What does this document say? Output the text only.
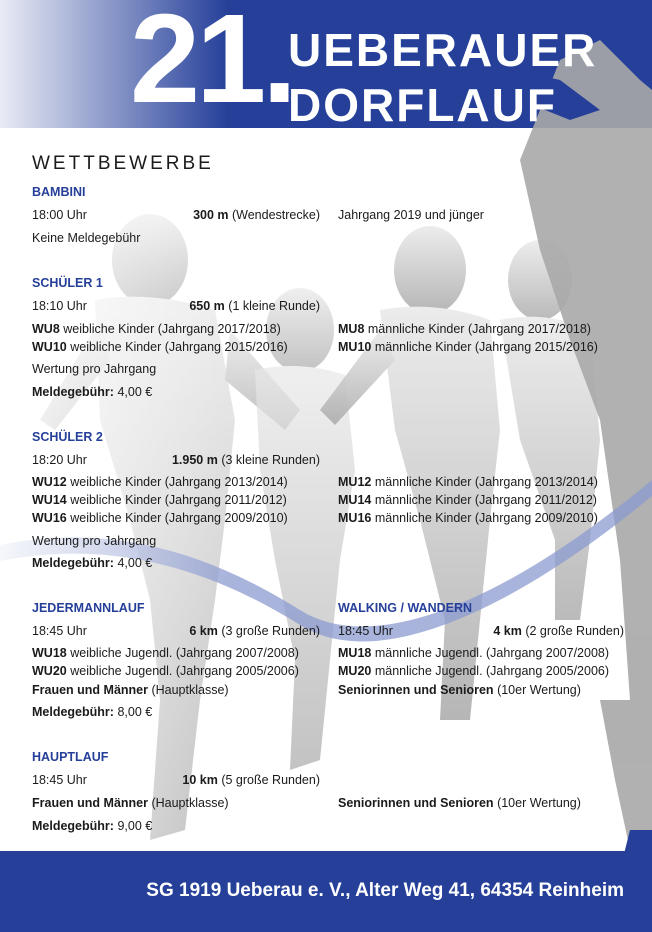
21.
UEBERAUER
DORFLAUF
WETTBEWERBE
BAMBINI
18:00 Uhr	300 m (Wendestrecke) Jahrgang 2019 und jünger
Keine Meldegebühr
SCHÜLER 1
18:10 Uhr	650 m (1 kleine Runde)
WU8 weibliche Kinder (Jahrgang 2017/2018)	MU8 männliche Kinder (Jahrgang 2017/2018)
WU10 weibliche Kinder (Jahrgang 2015/2016)	MU10 männliche Kinder (Jahrgang 2015/2016)
Wertung pro Jahrgang
Meldegebühr: 4,00 €
SCHÜLER 2
18:20 Uhr	1.950 m (3 kleine Runden)
WU12 weibliche Kinder (Jahrgang 2013/2014)	MU12 männliche Kinder (Jahrgang 2013/2014)
WU14 weibliche Kinder (Jahrgang 2011/2012)	MU14 männliche Kinder (Jahrgang 2011/2012)
WU16 weibliche Kinder (Jahrgang 2009/2010)	MU16 männliche Kinder (Jahrgang 2009/2010)
Wertung pro Jahrgang
Meldegebühr: 4,00 €
JEDERMANNLAUF
18:45 Uhr	6 km (3 große Runden)
WU18 weibliche Jugendl. (Jahrgang 2007/2008)
WU20 weibliche Jugendl. (Jahrgang 2005/2006)
Frauen und Männer (Hauptklasse)
Meldegebühr: 8,00 €
WALKING / WANDERN
18:45 Uhr	4 km (2 große Runden)
MU18 männliche Jugendl. (Jahrgang 2007/2008)
MU20 männliche Jugendl. (Jahrgang 2005/2006)
Seniorinnen und Senioren (10er Wertung)
HAUPTLAUF
18:45 Uhr	10 km (5 große Runden)
Frauen und Männer (Hauptklasse)	Seniorinnen und Senioren (10er Wertung)
Meldegebühr: 9,00 €
SG 1919 Ueberau e. V., Alter Weg 41, 64354 Reinheim
